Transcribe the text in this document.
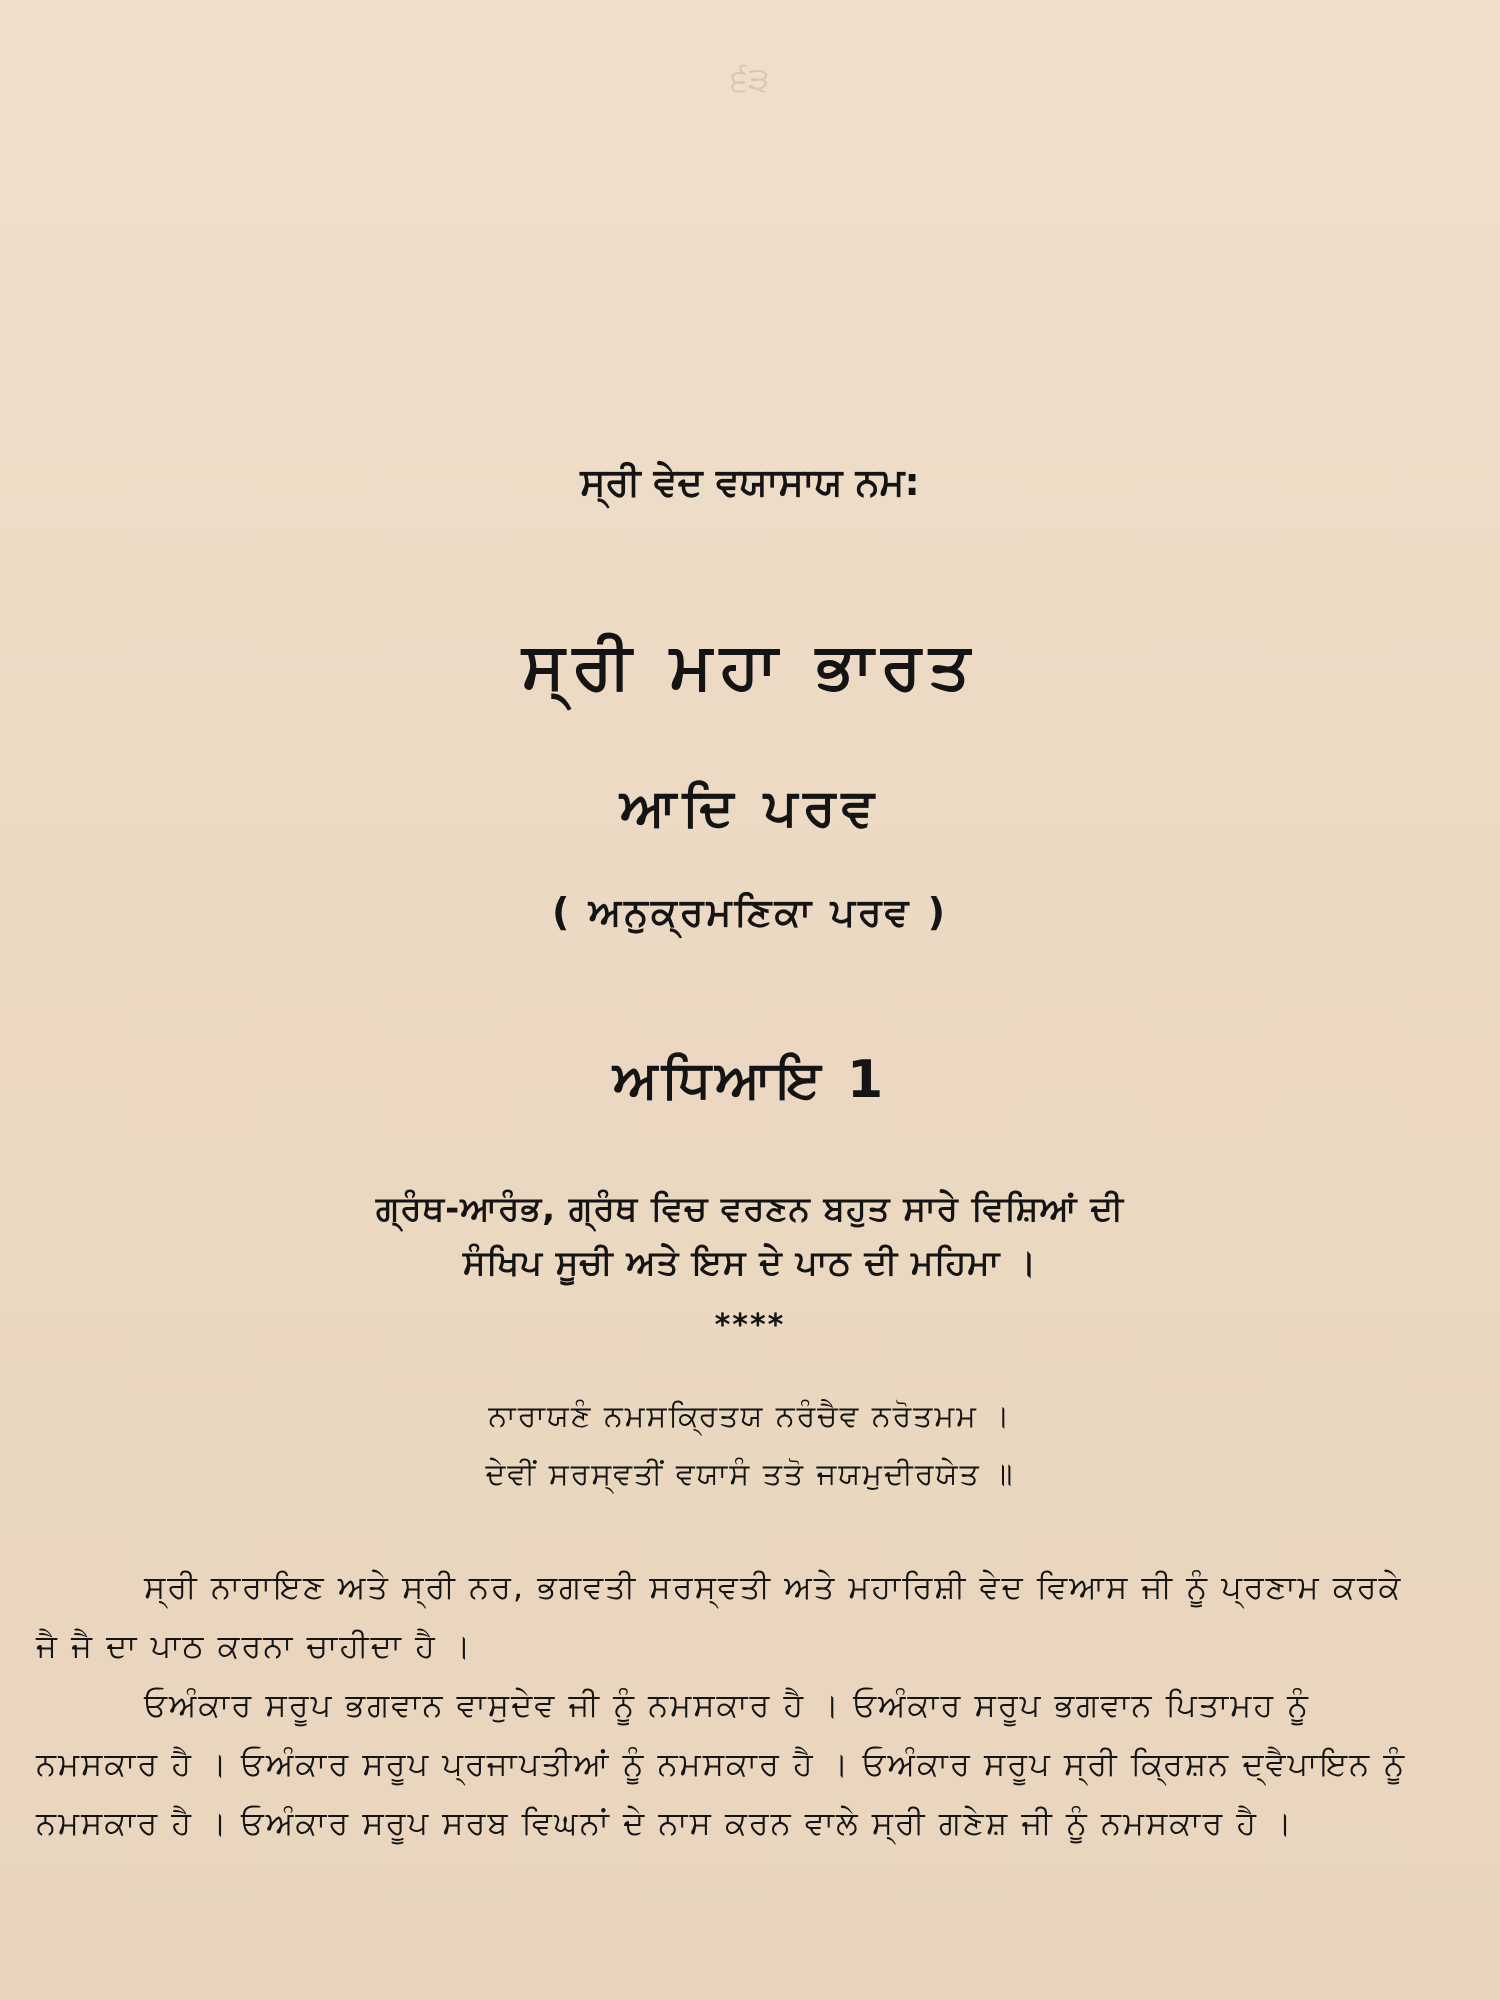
੬੩
ਸ੍ਰੀ ਵੇਦ ਵਯਾਸਾਯ ਨਮ:
ਸ੍ਰੀ ਮਹਾ ਭਾਰਤ
ਆਦਿ ਪਰਵ
( ਅਨੁਕ੍ਰਮਣਿਕਾ ਪਰਵ )
ਅਧਿਆਇ 1
ਗ੍ਰੰਥ-ਆਰੰਭ, ਗ੍ਰੰਥ ਵਿਚ ਵਰਣਨ ਬਹੁਤ ਸਾਰੇ ਵਿਸ਼ਿਆਂ ਦੀ
ਸੰਖਿਪ ਸੂਚੀ ਅਤੇ ਇਸ ਦੇ ਪਾਠ ਦੀ ਮਹਿਮਾ ।
****
ਨਾਰਾਯਣੰ ਨਮਸਕ੍ਰਿਤਯ ਨਰੰਚੈਵ ਨਰੋਤਮਮ ।
ਦੇਵੀਂ ਸਰਸ੍ਵਤੀਂ ਵਯਾਸੰ ਤਤੋ ਜਯਮੁਦੀਰਯੇਤ ॥

ਸ੍ਰੀ ਨਾਰਾਇਣ ਅਤੇ ਸ੍ਰੀ ਨਰ, ਭਗਵਤੀ ਸਰਸ੍ਵਤੀ ਅਤੇ ਮਹਾਰਿਸ਼ੀ ਵੇਦ ਵਿਆਸ ਜੀ ਨੂੰ ਪ੍ਰਣਾਮ ਕਰਕੇ ਜੈ ਜੈ ਦਾ ਪਾਠ ਕਰਨਾ ਚਾਹੀਦਾ ਹੈ ।

ਓਅੰਕਾਰ ਸਰੂਪ ਭਗਵਾਨ ਵਾਸੁਦੇਵ ਜੀ ਨੂੰ ਨਮਸਕਾਰ ਹੈ । ਓਅੰਕਾਰ ਸਰੂਪ ਭਗਵਾਨ ਪਿਤਾਮਹ ਨੂੰ ਨਮਸਕਾਰ ਹੈ । ਓਅੰਕਾਰ ਸਰੂਪ ਪ੍ਰਜਾਪਤੀਆਂ ਨੂੰ ਨਮਸਕਾਰ ਹੈ । ਓਅੰਕਾਰ ਸਰੂਪ ਸ੍ਰੀ ਕ੍ਰਿਸ਼ਨ ਦ੍ਵੈਪਾਇਨ ਨੂੰ ਨਮਸਕਾਰ ਹੈ । ਓਅੰਕਾਰ ਸਰੂਪ ਸਰਬ ਵਿਘਨਾਂ ਦੇ ਨਾਸ ਕਰਨ ਵਾਲੇ ਸ੍ਰੀ ਗਣੇਸ਼ ਜੀ ਨੂੰ ਨਮਸਕਾਰ ਹੈ ।
